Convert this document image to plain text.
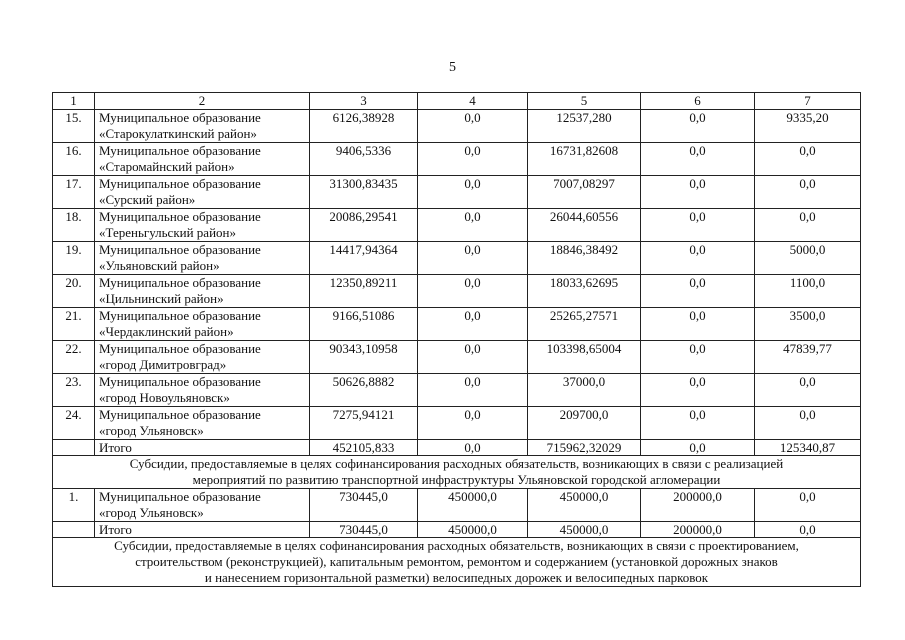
5
1	2	3	4	5	6	7
15.	Муниципальное образование
«Старокулаткинский район»	6126,38928	0,0	12537,280	0,0	9335,20
16.	Муниципальное образование
«Старомайнский район»	9406,5336	0,0	16731,82608	0,0	0,0
17.	Муниципальное образование
«Сурский район»	31300,83435	0,0	7007,08297	0,0	0,0
18.	Муниципальное образование
«Тереньгульский район»	20086,29541	0,0	26044,60556	0,0	0,0
19.	Муниципальное образование
«Ульяновский район»	14417,94364	0,0	18846,38492	0,0	5000,0
20.	Муниципальное образование
«Цильнинский район»	12350,89211	0,0	18033,62695	0,0	1100,0
21.	Муниципальное образование
«Чердаклинский район»	9166,51086	0,0	25265,27571	0,0	3500,0
22.	Муниципальное образование
«город Димитровград»	90343,10958	0,0	103398,65004	0,0	47839,77
23.	Муниципальное образование
«город Новоульяновск»	50626,8882	0,0	37000,0	0,0	0,0
24.	Муниципальное образование
«город Ульяновск»	7275,94121	0,0	209700,0	0,0	0,0
	Итого	452105,833	0,0	715962,32029	0,0	125340,87
Субсидии, предоставляемые в целях софинансирования расходных обязательств, возникающих в связи с реализацией
мероприятий по развитию транспортной инфраструктуры Ульяновской городской агломерации						
1.	Муниципальное образование
«город Ульяновск»	730445,0	450000,0	450000,0	200000,0	0,0
	Итого	730445,0	450000,0	450000,0	200000,0	0,0
Субсидии, предоставляемые в целях софинансирования расходных обязательств, возникающих в связи с проектированием,
строительством (реконструкцией), капитальным ремонтом, ремонтом и содержанием (установкой дорожных знаков
и нанесением горизонтальной разметки) велосипедных дорожек и велосипедных парковок						
